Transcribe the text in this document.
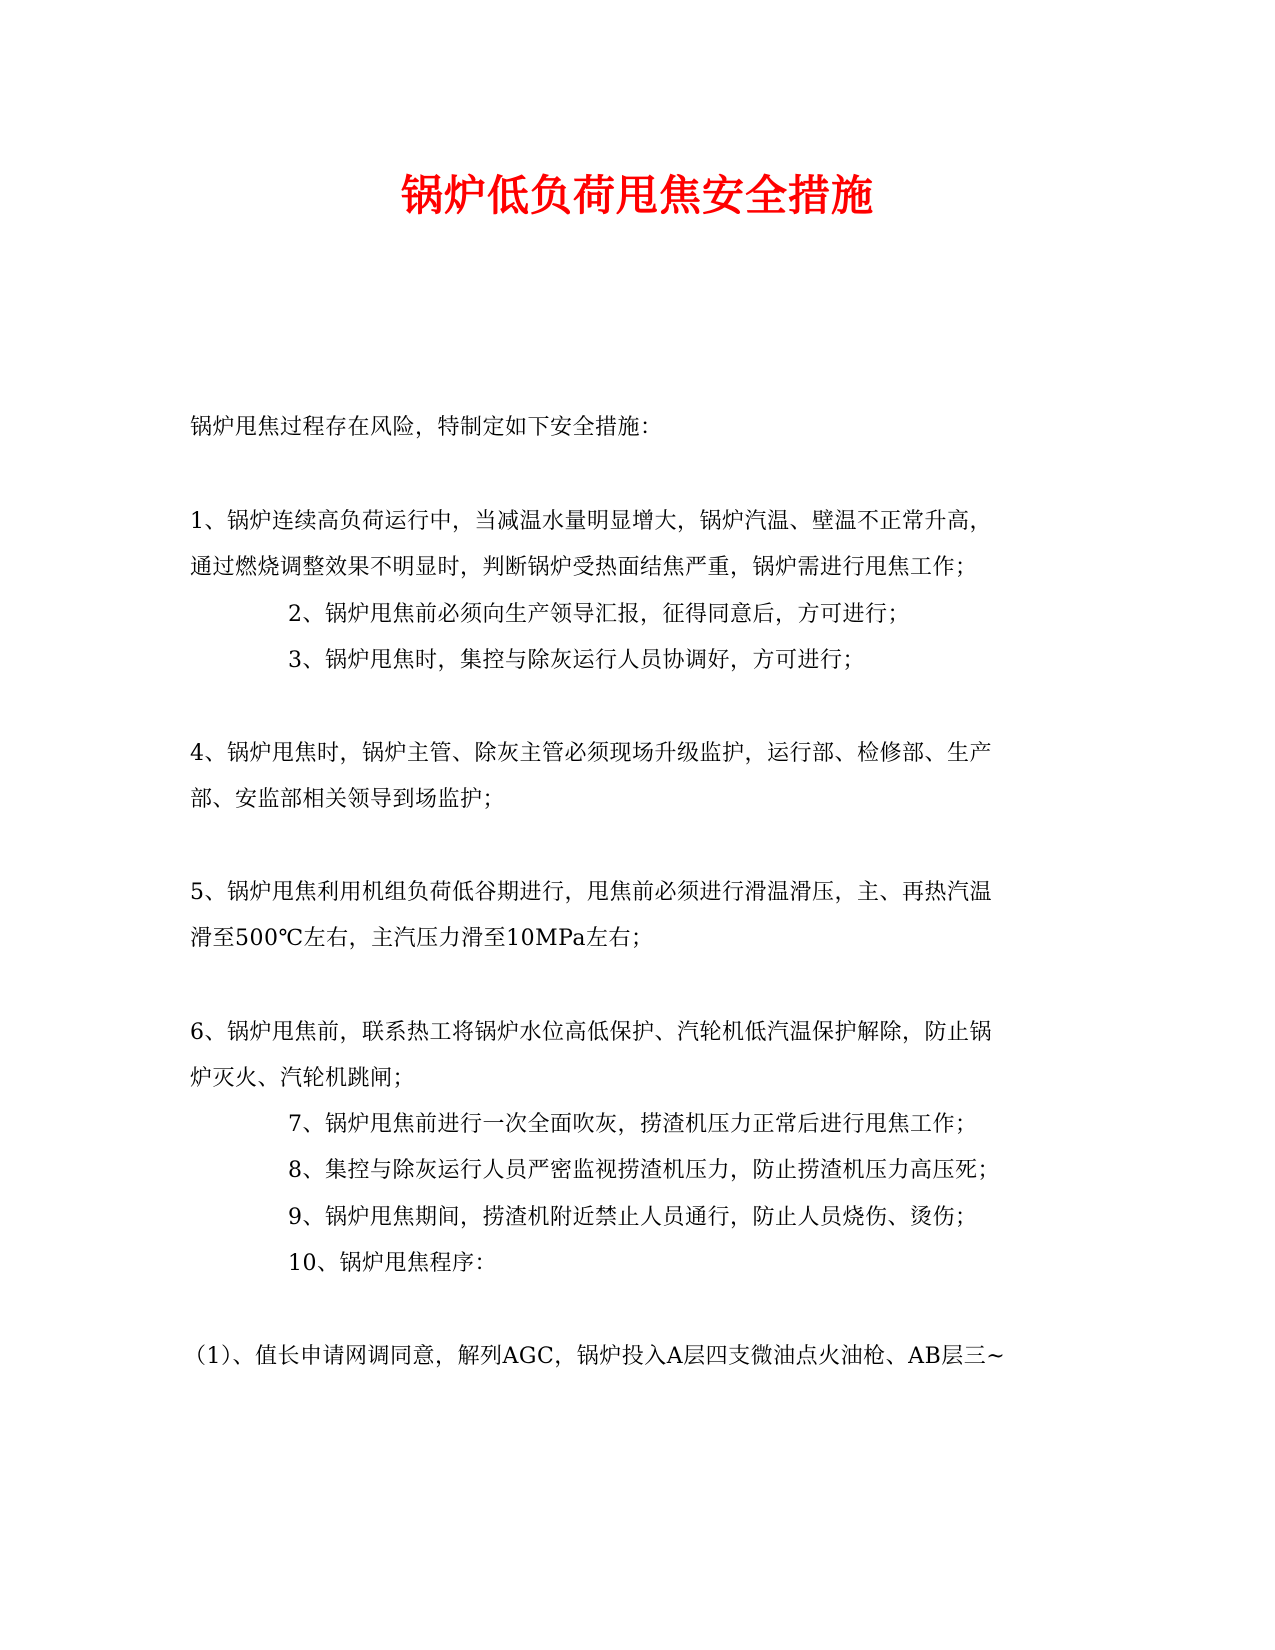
锅炉低负荷甩焦安全措施
锅炉甩焦过程存在风险，特制定如下安全措施：
1、锅炉连续高负荷运行中，当减温水量明显增大，锅炉汽温、壁温不正常升高，
通过燃烧调整效果不明显时，判断锅炉受热面结焦严重，锅炉需进行甩焦工作；
2、锅炉甩焦前必须向生产领导汇报，征得同意后，方可进行；
3、锅炉甩焦时，集控与除灰运行人员协调好，方可进行；
4、锅炉甩焦时，锅炉主管、除灰主管必须现场升级监护，运行部、检修部、生产
部、安监部相关领导到场监护；
5、锅炉甩焦利用机组负荷低谷期进行，甩焦前必须进行滑温滑压，主、再热汽温
滑至500℃左右，主汽压力滑至10MPa左右；
6、锅炉甩焦前，联系热工将锅炉水位高低保护、汽轮机低汽温保护解除，防止锅
炉灭火、汽轮机跳闸；
7、锅炉甩焦前进行一次全面吹灰，捞渣机压力正常后进行甩焦工作；
8、集控与除灰运行人员严密监视捞渣机压力，防止捞渣机压力高压死；
9、锅炉甩焦期间，捞渣机附近禁止人员通行，防止人员烧伤、烫伤；
10、锅炉甩焦程序：
（1）、值长申请网调同意，解列AGC，锅炉投入A层四支微油点火油枪、AB层三~
